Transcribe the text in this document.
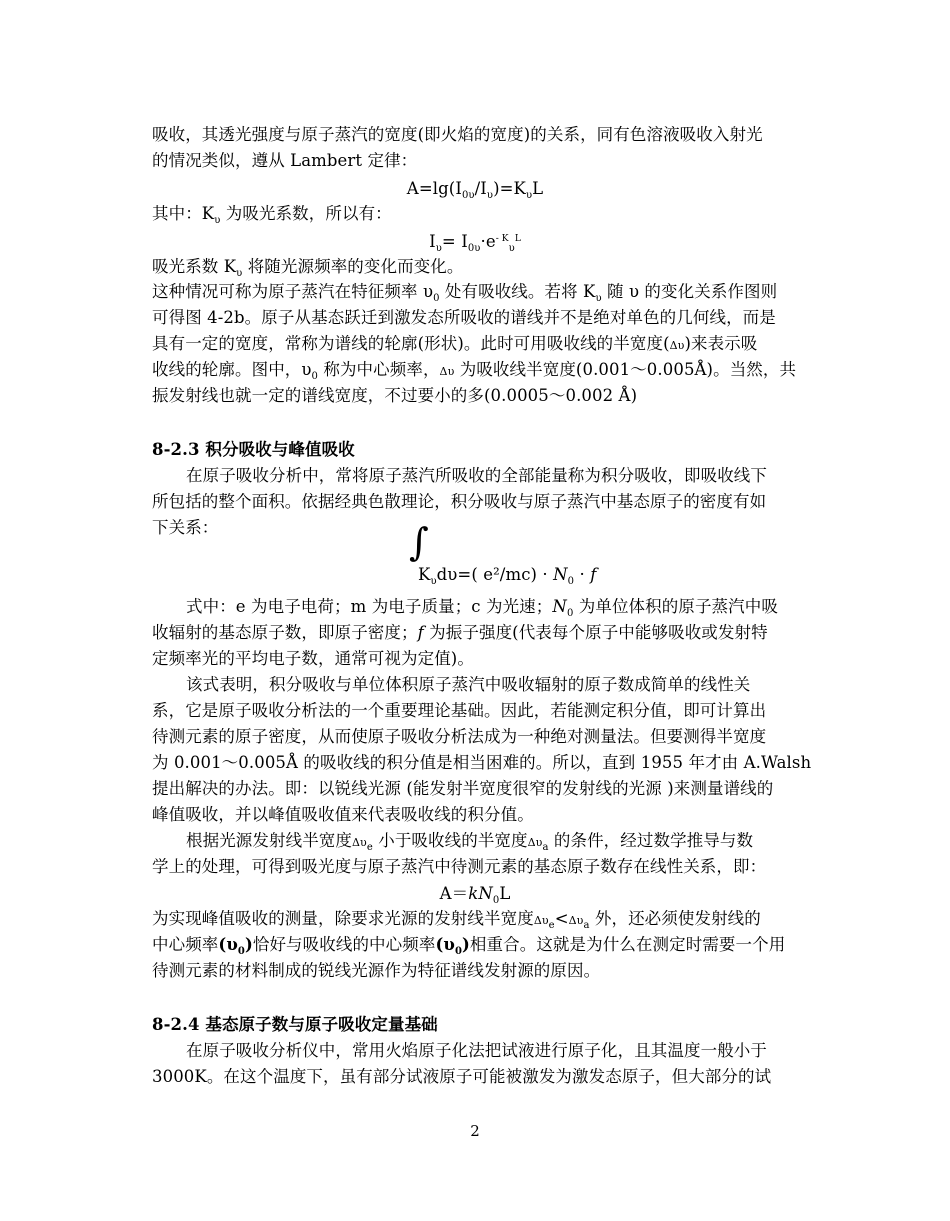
吸收，其透光强度与原子蒸汽的宽度(即火焰的宽度)的关系，同有色溶液吸收入射光
的情况类似，遵从 Lambert 定律：
$A=\lg(I_{0\upsilon}/I_\upsilon)=K_\upsilon L$
其中：$K_\upsilon$ 为吸光系数，所以有：
$I_\upsilon= I_{0\upsilon}\cdot e^{- K}_\upsilon^L$
吸光系数 $K_\upsilon$ 将随光源频率的变化而变化。
这种情况可称为原子蒸汽在特征频率 $\upsilon_0$ 处有吸收线。若将 $K_\upsilon$ 随 υ 的变化关系作图则
可得图 4-2b。原子从基态跃迁到激发态所吸收的谱线并不是绝对单色的几何线，而是
具有一定的宽度，常称为谱线的轮廓(形状)。此时可用吸收线的半宽度(Δυ)来表示吸
收线的轮廓。图中，$\upsilon_0$ 称为中心频率，Δυ 为吸收线半宽度(0.001～0.005Å)。当然，共
振发射线也就一定的谱线宽度，不过要小的多(0.0005～0.002 Å)
8-2.3 积分吸收与峰值吸收
在原子吸收分析中，常将原子蒸汽所吸收的全部能量称为积分吸收，即吸收线下
所包括的整个面积。依据经典色散理论，积分吸收与原子蒸汽中基态原子的密度有如
下关系：	∫
$K_\upsilon d\upsilon=$( $e^2/mc) \cdot N_0 \cdot f$
式中：e 为电子电荷；m 为电子质量；c 为光速；$N_0$ 为单位体积的原子蒸汽中吸
收辐射的基态原子数，即原子密度；f 为振子强度(代表每个原子中能够吸收或发射特
定频率光的平均电子数，通常可视为定值)。
该式表明，积分吸收与单位体积原子蒸汽中吸收辐射的原子数成简单的线性关
系，它是原子吸收分析法的一个重要理论基础。因此，若能测定积分值，即可计算出
待测元素的原子密度，从而使原子吸收分析法成为一种绝对测量法。但要测得半宽度
为 0.001～0.005Å 的吸收线的积分值是相当困难的。所以，直到 1955 年才由 A.Walsh
提出解决的办法。即：以锐线光源 (能发射半宽度很窄的发射线的光源 )来测量谱线的
峰值吸收，并以峰值吸收值来代表吸收线的积分值。
根据光源发射线半宽度$\Delta\upsilon_e$ 小于吸收线的半宽度$\Delta\upsilon_a$ 的条件，经过数学推导与数
学上的处理，可得到吸光度与原子蒸汽中待测元素的基态原子数存在线性关系，即：
$A=kN_0L$
为实现峰值吸收的测量，除要求光源的发射线半宽度$\Delta\upsilon_e<\Delta\upsilon_a$ 外，还必须使发射线的
中心频率$(\upsilon_0)$恰好与吸收线的中心频率$(\upsilon_0)$相重合。这就是为什么在测定时需要一个用
待测元素的材料制成的锐线光源作为特征谱线发射源的原因。
8-2.4 基态原子数与原子吸收定量基础
在原子吸收分析仪中，常用火焰原子化法把试液进行原子化，且其温度一般小于
3000K。在这个温度下，虽有部分试液原子可能被激发为激发态原子，但大部分的试
2
